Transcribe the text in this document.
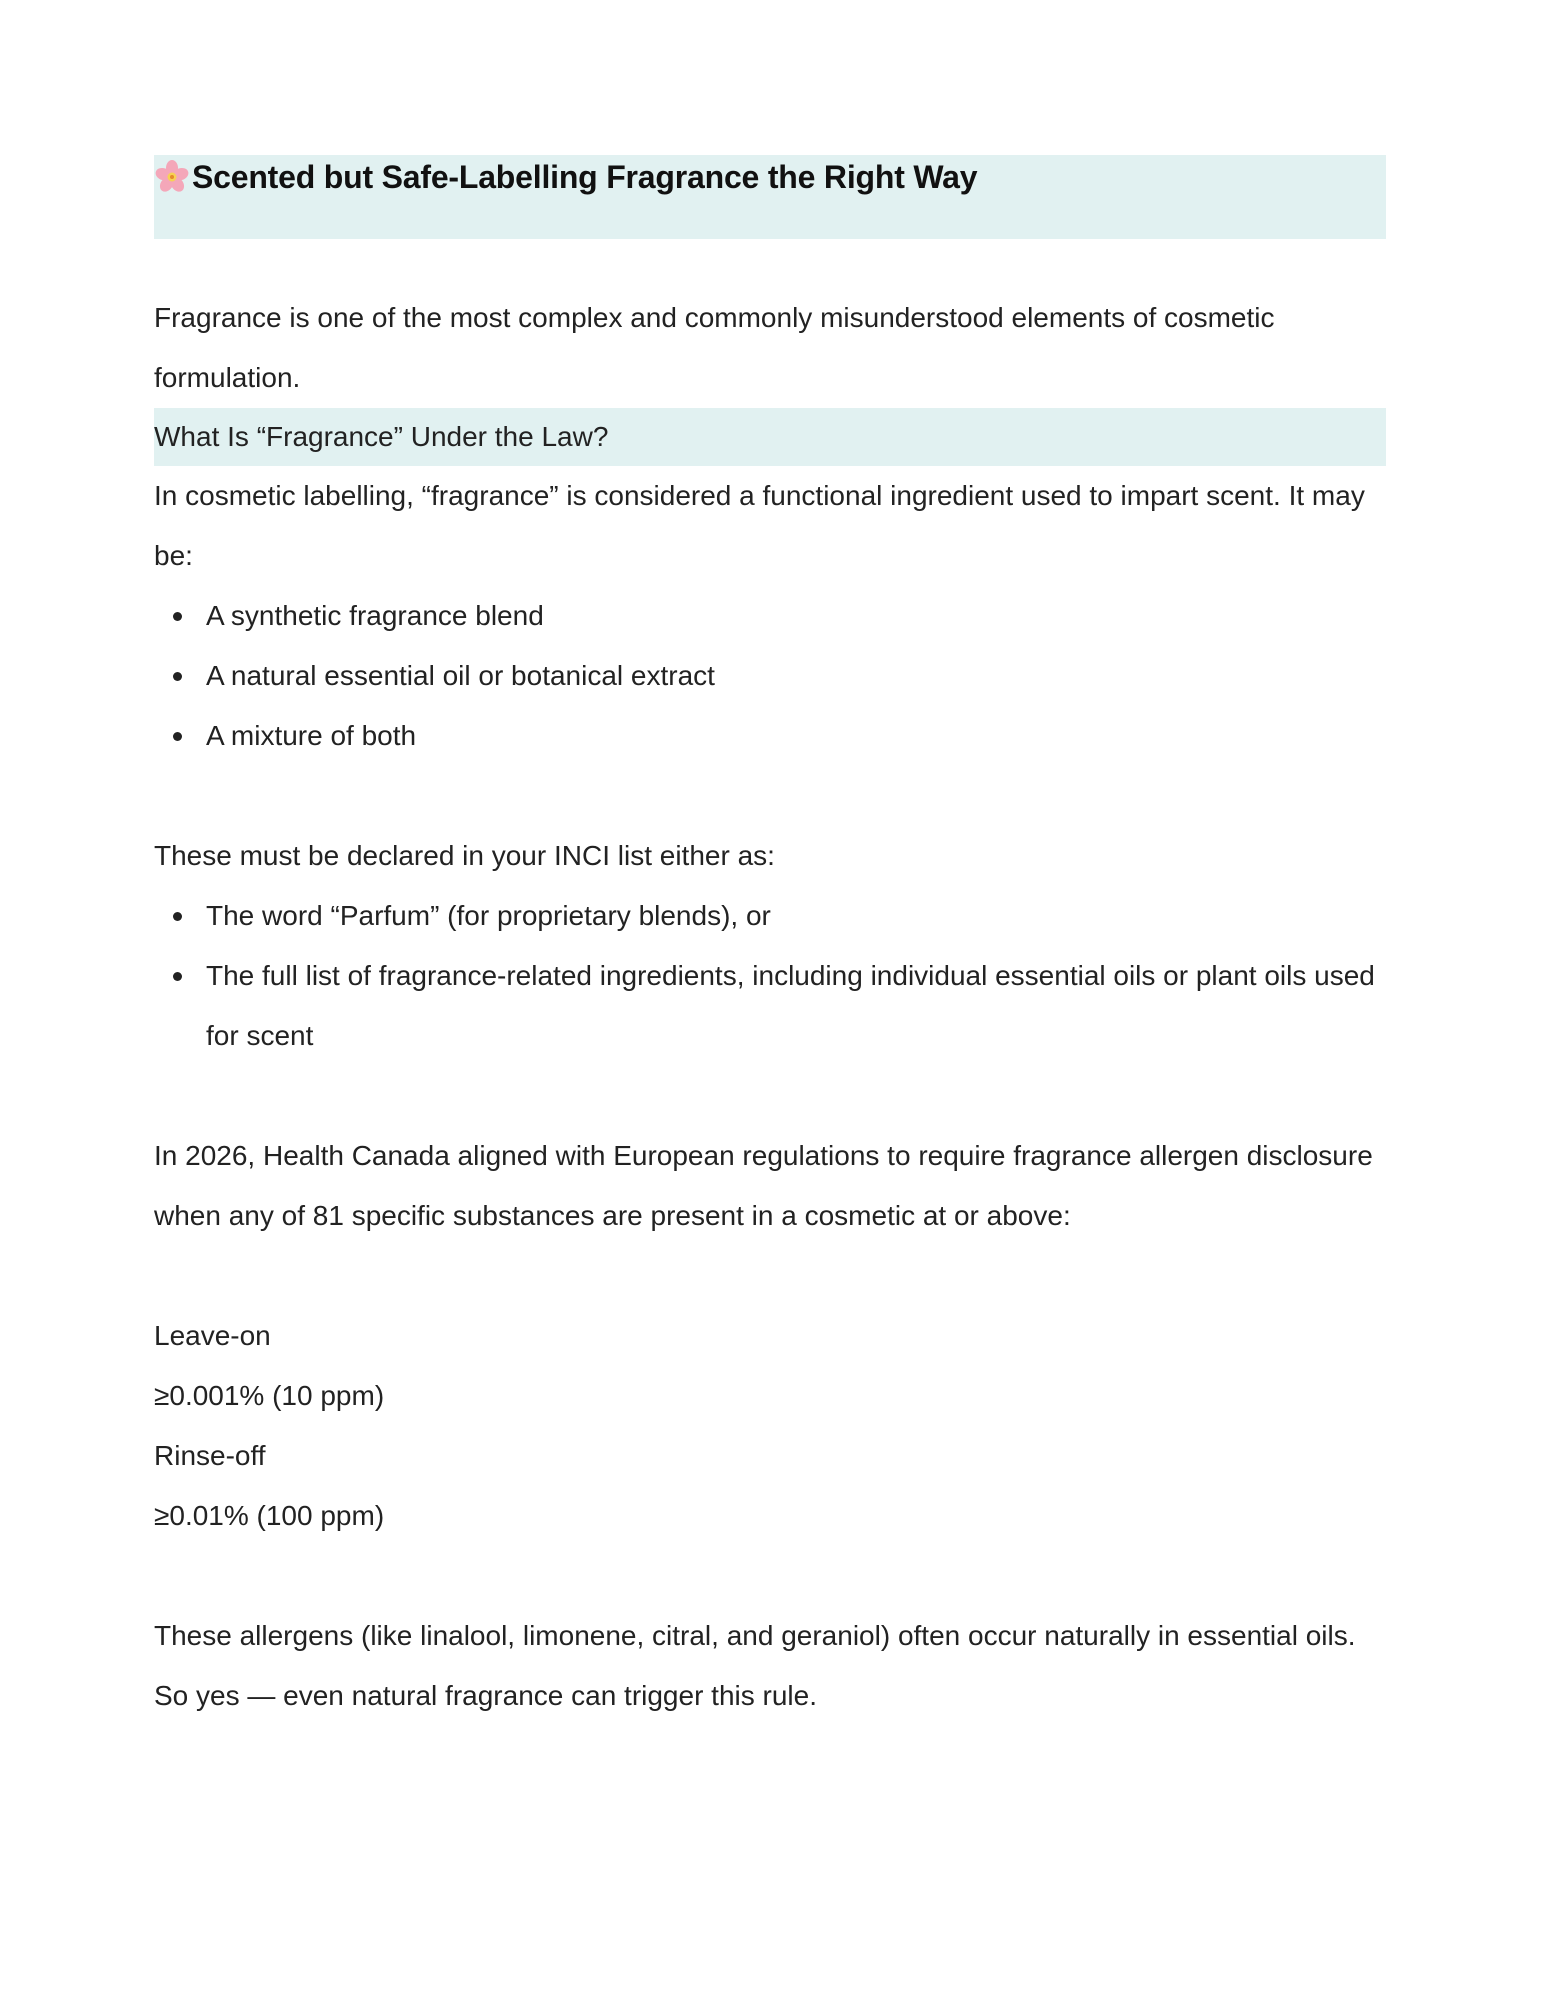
Scented but Safe-Labelling Fragrance the Right Way

Fragrance is one of the most complex and commonly misunderstood elements of cosmetic formulation.

What Is “Fragrance” Under the Law?

In cosmetic labelling, “fragrance” is considered a functional ingredient used to impart scent. It may be:

A synthetic fragrance blend
A natural essential oil or botanical extract
A mixture of both

These must be declared in your INCI list either as:

The word “Parfum” (for proprietary blends), or
The full list of fragrance-related ingredients, including individual essential oils or plant oils used for scent

In 2026, Health Canada aligned with European regulations to require fragrance allergen disclosure when any of 81 specific substances are present in a cosmetic at or above:

Leave-on

≥0.001% (10 ppm)

Rinse-off

≥0.01% (100 ppm)

These allergens (like linalool, limonene, citral, and geraniol) often occur naturally in essential oils. So yes — even natural fragrance can trigger this rule.
